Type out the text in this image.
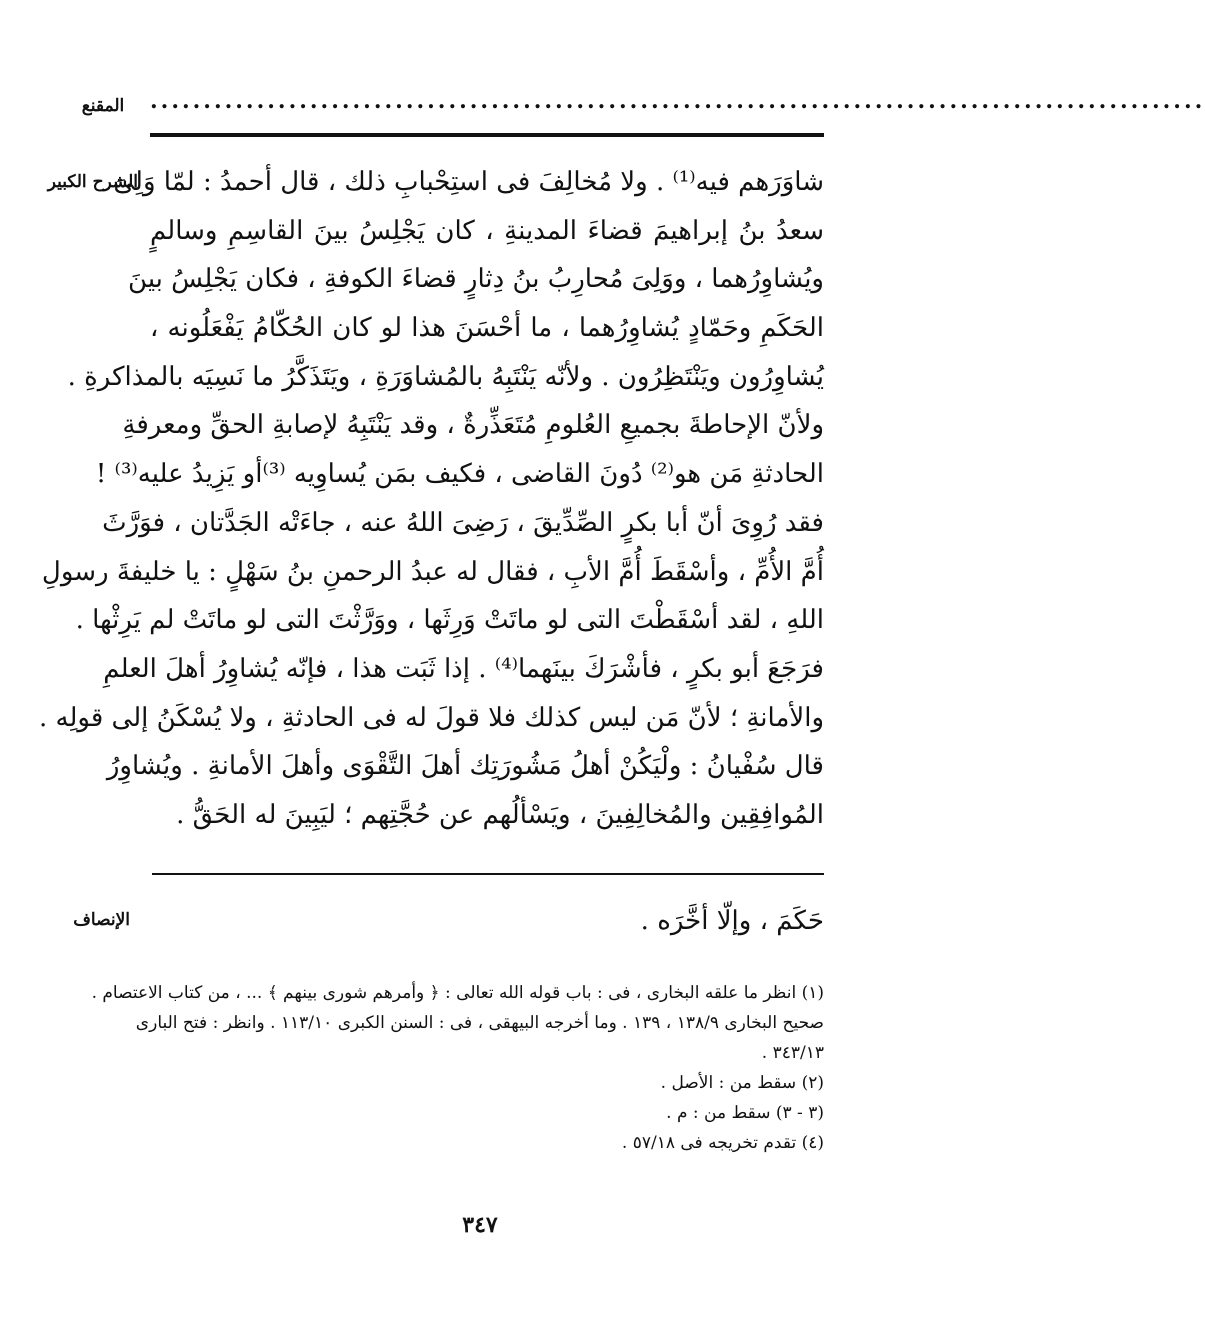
المقنع	...................................................................................................
الشرح الكبير
شاوَرَهم فيه⁽¹⁾ . ولا مُخالِفَ فى استِحْبابِ ذلك ، قال أحمدُ : لمّا وَلِىَ
سعدُ بنُ إبراهيمَ قضاءَ المدينةِ ، كان يَجْلِسُ بينَ القاسِمِ وسالمٍ
ويُشاوِرُهما ، ووَلِىَ مُحارِبُ بنُ دِثارٍ قضاءَ الكوفةِ ، فكان يَجْلِسُ بينَ
الحَكَمِ وحَمّادٍ يُشاوِرُهما ، ما أحْسَنَ هذا لو كان الحُكّامُ يَفْعَلُونه ،
يُشاوِرُون ويَنْتَظِرُون . ولأنّه يَنْتَبِهُ بالمُشاوَرَةِ ، ويَتَذَكَّرُ ما نَسِيَه بالمذاكرةِ .
ولأنّ الإحاطةَ بجميعِ العُلومِ مُتَعَذِّرةٌ ، وقد يَنْتَبِهُ لإصابةِ الحقِّ ومعرفةِ
الحادثةِ مَن هو⁽²⁾ دُونَ القاضى ، فكيف بمَن يُساوِيه ⁽³⁾أو يَزِيدُ عليه⁽³⁾ !
فقد رُوِىَ أنّ أبا بكرٍ الصِّدِّيقَ ، رَضِىَ اللهُ عنه ، جاءَتْه الجَدَّتان ، فوَرَّثَ
أُمَّ الأُمِّ ، وأسْقَطَ أُمَّ الأبِ ، فقال له عبدُ الرحمنِ بنُ سَهْلٍ : يا خليفةَ رسولِ
اللهِ ، لقد أسْقَطْتَ التى لو ماتَتْ وَرِثَها ، ووَرَّثْتَ التى لو ماتَتْ لم يَرِثْها .
فرَجَعَ أبو بكرٍ ، فأشْرَكَ بينَهما⁽⁴⁾ . إذا ثَبَت هذا ، فإنّه يُشاوِرُ أهلَ العلمِ
والأمانةِ ؛ لأنّ مَن ليس كذلك فلا قولَ له فى الحادثةِ ، ولا يُسْكَنُ إلى قولِه .
قال سُفْيانُ : ولْيَكُنْ أهلُ مَشُورَتِك أهلَ التَّقْوَى وأهلَ الأمانةِ . ويُشاوِرُ
المُوافِقِين والمُخالِفِينَ ، ويَسْألُهم عن حُجَّتِهم ؛ ليَبِينَ له الحَقُّ .
الإنصاف	حَكَمَ ، وإلّا أخَّرَه .
(١) انظر ما علقه البخارى ، فى : باب قوله الله تعالى : ﴿ وأمرهم شورى بينهم ﴾ ... ، من كتاب الاعتصام .
صحيح البخارى ١٣٨/٩ ، ١٣٩ . وما أخرجه البيهقى ، فى : السنن الكبرى ١١٣/١٠ . وانظر : فتح البارى
٣٤٣/١٣ .
(٢) سقط من : الأصل .
(٣ - ٣) سقط من : م .
(٤) تقدم تخريجه فى ٥٧/١٨ .
٣٤٧
